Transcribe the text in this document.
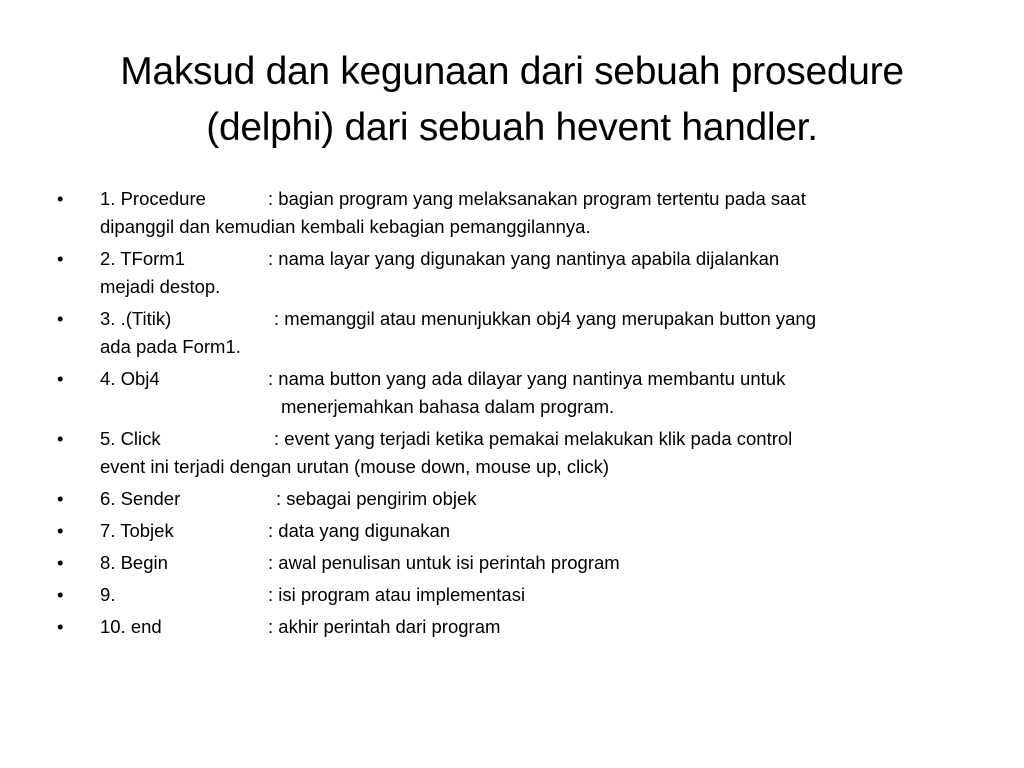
Maksud dan kegunaan dari sebuah prosedure
(delphi) dari sebuah hevent handler.
• 1. Procedure	: bagian program yang melaksanakan program tertentu pada saat
dipanggil dan kemudian kembali kebagian pemanggilannya.
• 2. TForm1	: nama layar yang digunakan yang nantinya apabila dijalankan
mejadi destop.
• 3. .(Titik)	: memanggil atau menunjukkan obj4 yang merupakan button yang
ada pada Form1.
• 4. Obj4	: nama button yang ada dilayar yang nantinya membantu untuk
menerjemahkan bahasa dalam program.
• 5. Click	: event yang terjadi ketika pemakai melakukan klik pada control
event ini terjadi dengan urutan (mouse down, mouse up, click)
• 6. Sender	: sebagai pengirim objek
• 7. Tobjek	: data yang digunakan
• 8. Begin	: awal penulisan untuk isi perintah program
• 9.	: isi program atau implementasi
• 10. end	: akhir perintah dari program
